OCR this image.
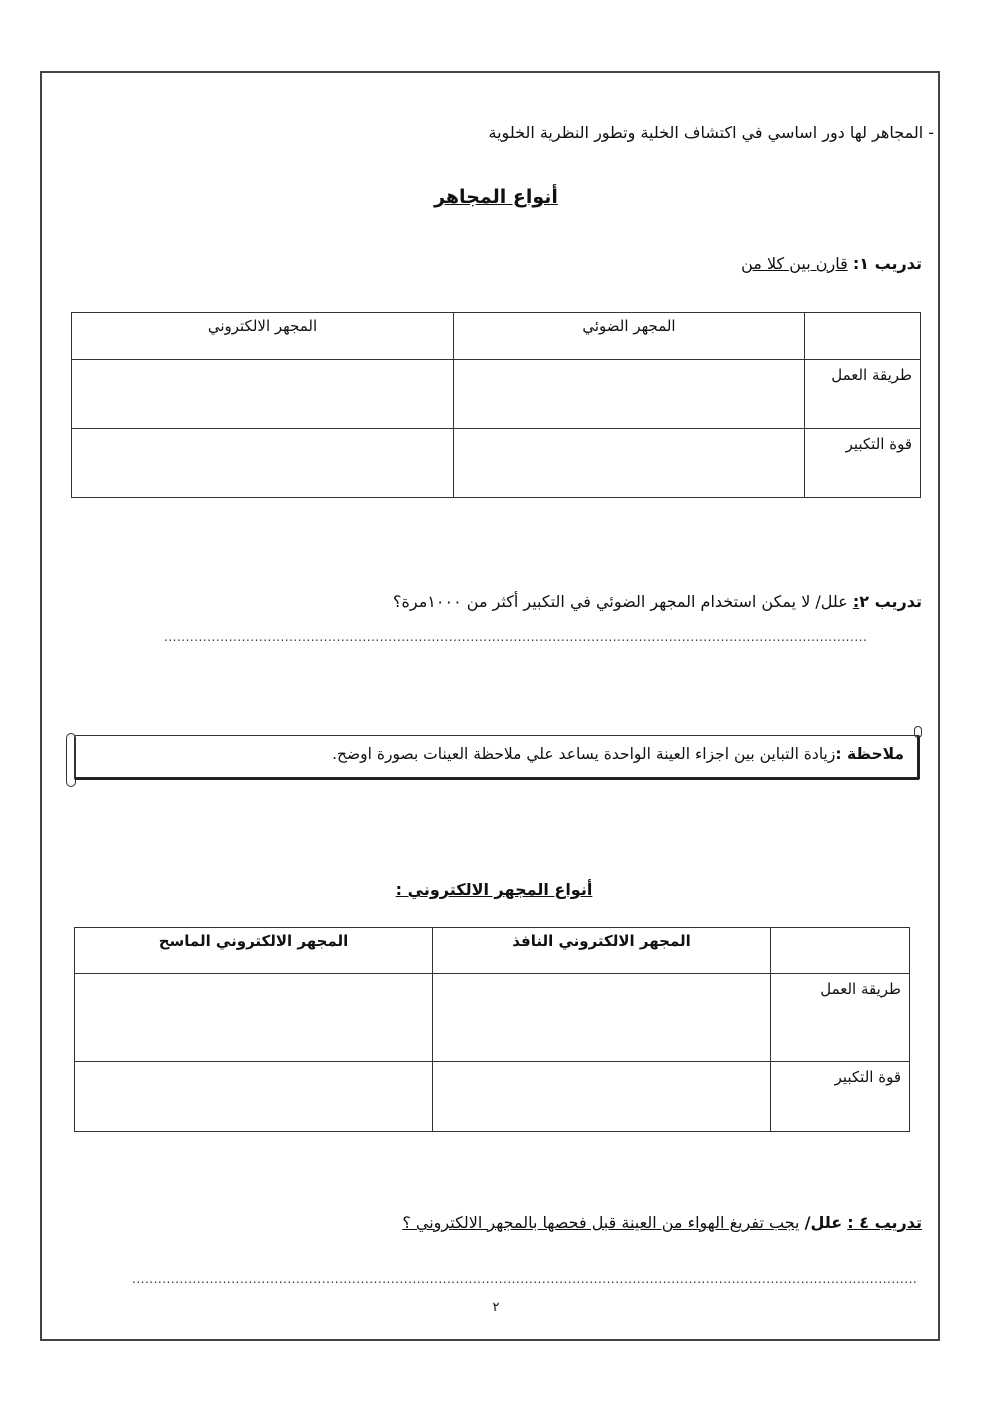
- المجاهر لها دور اساسي في اكتشاف الخلية وتطور النظرية الخلوية
أنواع المجاهر
تدريب ١: قارن بين كلا من
	المجهر الضوئي	المجهر الالكتروني
طريقة العمل		
قوة التكبير		
تدريب ٢: علل/ لا يمكن استخدام المجهر الضوئي في التكبير أكثر من ١٠٠٠مرة؟
...................................................................................................................................................................
ملاحظة :زيادة التباين بين اجزاء العينة الواحدة يساعد علي ملاحظة العينات بصورة اوضح.
أنواع المجهر الالكتروني :
	المجهر الالكتروني النافذ	المجهر الالكتروني الماسح
طريقة العمل		
قوة التكبير		
تدريب ٤ : علل/ يجب تفريغ الهواء من العينة قبل فحصها بالمجهر الالكتروني ؟
......................................................................................................................................................................................
٢
